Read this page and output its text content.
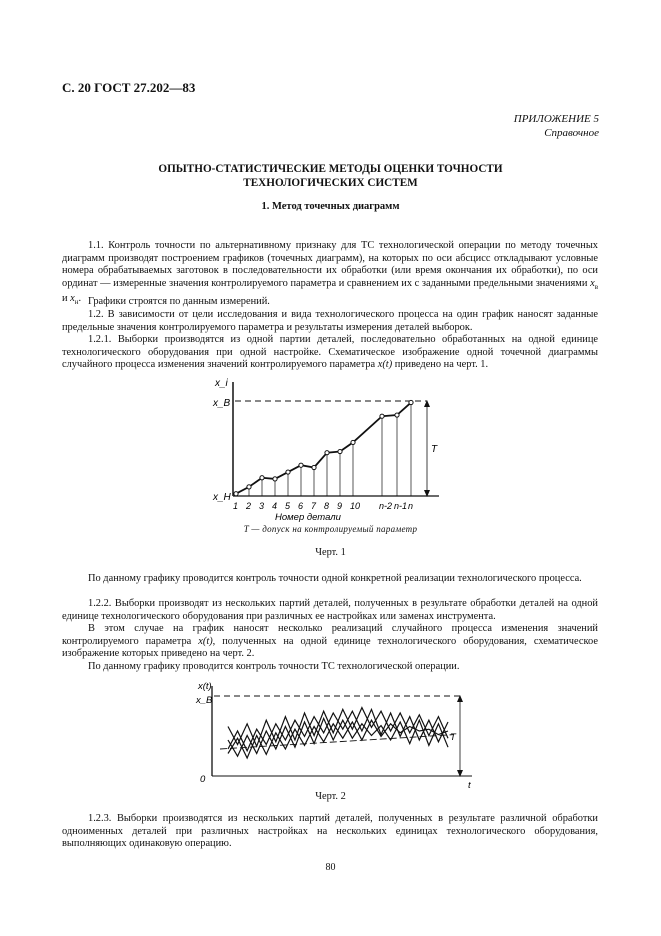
С. 20 ГОСТ 27.202—83
ПРИЛОЖЕНИЕ 5
Справочное
ОПЫТНО-СТАТИСТИЧЕСКИЕ МЕТОДЫ ОЦЕНКИ ТОЧНОСТИ
ТЕХНОЛОГИЧЕСКИХ СИСТЕМ
1. Метод точечных диаграмм
1.1. Контроль точности по альтернативному признаку для ТС технологической операции по методу точечных диаграмм производят построением графиков (точечных диаграмм), на которых по оси абсцисс откладывают условные номера обрабатываемых заготовок в последовательности их обработки (или время окончания их обработки), по оси ординат — измеренные значения контролируемого параметра и сравнением их с заданными предельными значениями $x_в$ и $x_н$. Графики строятся по данным измерений.
1.2. В зависимости от цели исследования и вида технологического процесса на один график наносят заданные предельные значения контролируемого параметра и результаты измерения деталей выборок.
1.2.1. Выборки производятся из одной партии деталей, последовательно обработанных на одной единице технологического оборудования при одной настройке. Схематическое изображение одной точечной диаграммы случайного процесса изменения значений контролируемого параметра x(t) приведено на черт. 1.
x_i
x_B
x_H
T
1 2 3 4 5 6 7 8 9 10 n-2 n-1 n
Номер детали
T — допуск на контролируемый параметр
Черт. 1
По данному графику проводится контроль точности одной конкретной реализации технологического процесса.
1.2.2. Выборки производят из нескольких партий деталей, полученных в результате обработки деталей на одной единице технологического оборудования при различных ее настройках или заменах инструмента.
В этом случае на график наносят несколько реализаций случайного процесса изменения значений контролируемого параметра x(t), полученных на одной единице технологического оборудования, схематическое изображение которых приведено на черт. 2.
По данному графику проводится контроль точности ТС технологической операции.
x(t)
x_B
0
t
T
Черт. 2
1.2.3. Выборки производятся из нескольких партий деталей, полученных в результате различной обработки одноименных деталей при различных настройках на нескольких единицах технологического оборудования, выполняющих одинаковую операцию.
80
